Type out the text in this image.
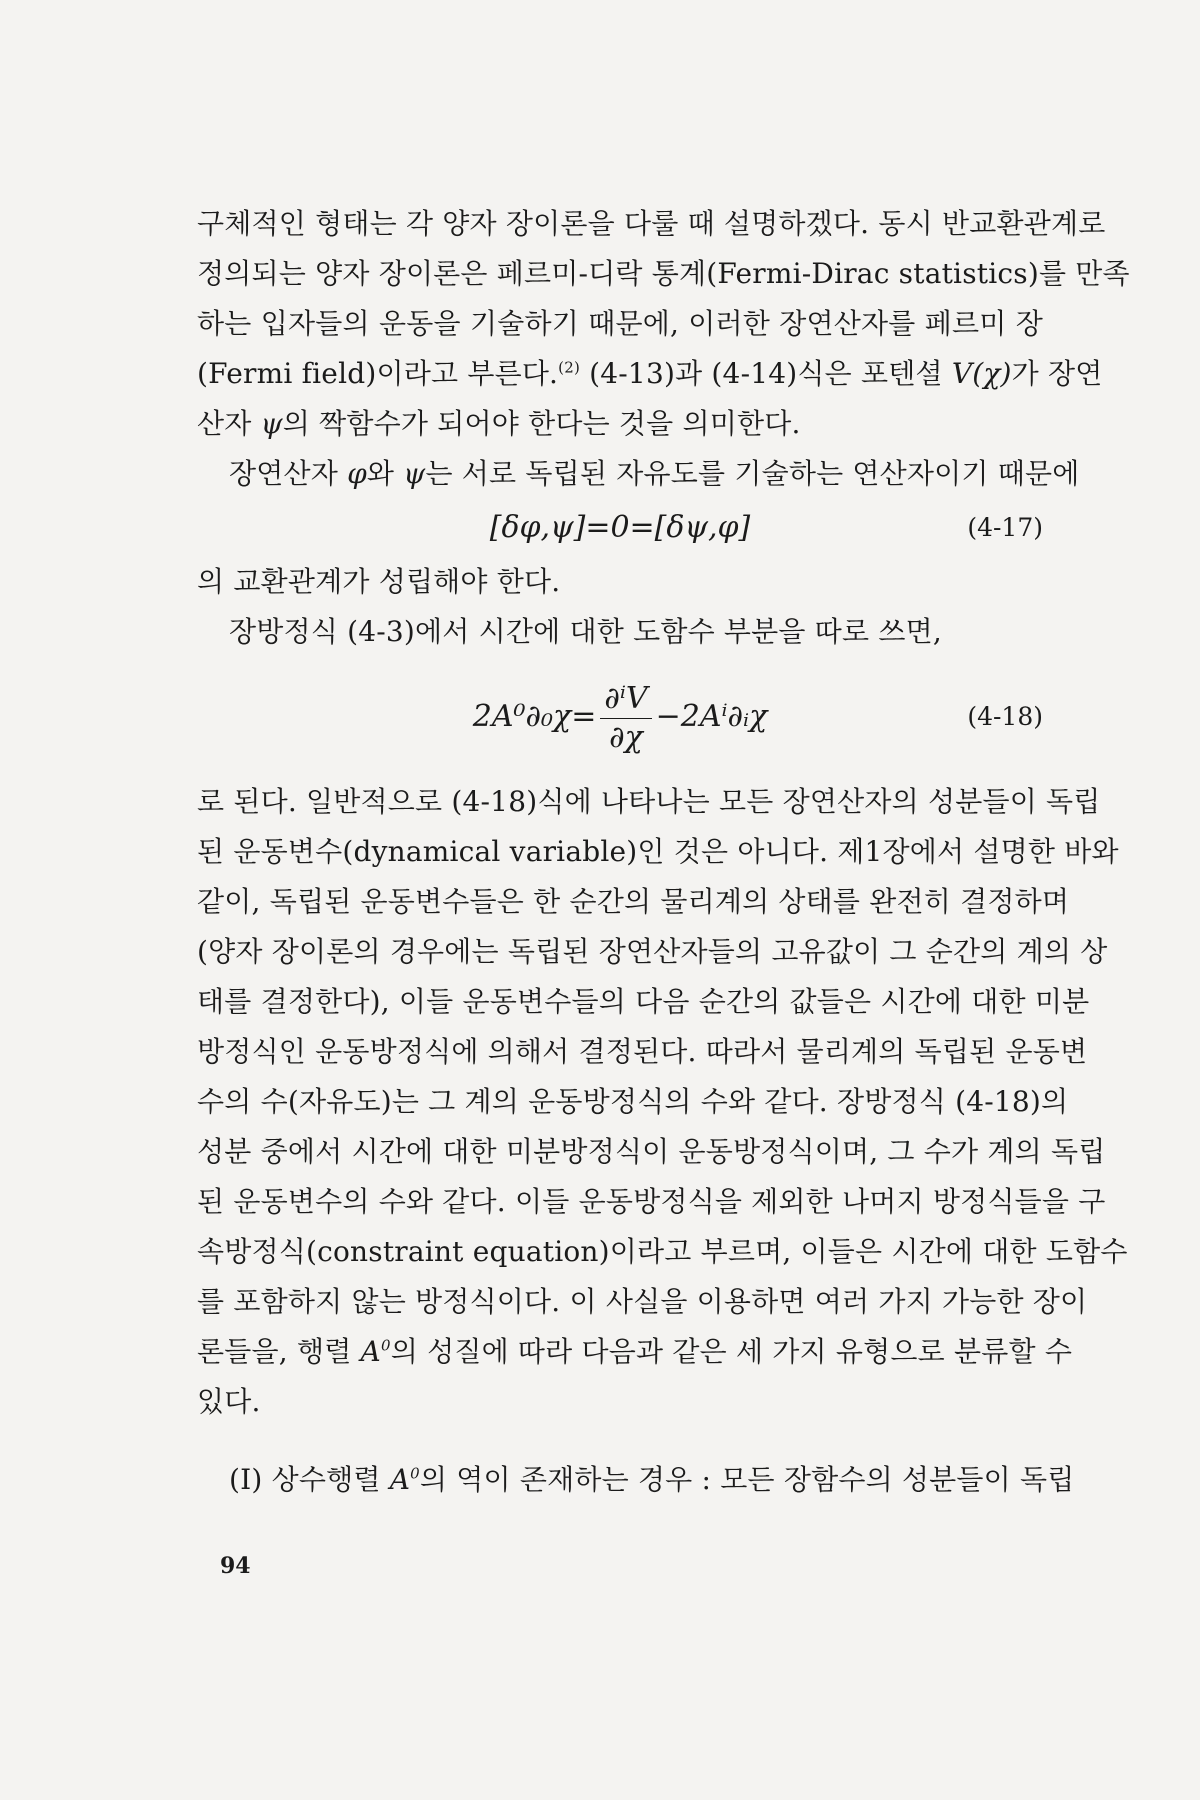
구체적인 형태는 각 양자 장이론을 다룰 때 설명하겠다. 동시 반교환관계로
정의되는 양자 장이론은 페르미-디락 통계(Fermi-Dirac statistics)를 만족
하는 입자들의 운동을 기술하기 때문에, 이러한 장연산자를 페르미 장
(Fermi field)이라고 부른다.$^{(2)}$ (4-13)과 (4-14)식은 포텐셜 V(χ)가 장연
산자 ψ의 짝함수가 되어야 한다는 것을 의미한다.
장연산자 φ와 ψ는 서로 독립된 자유도를 기술하는 연산자이기 때문에
[δφ,ψ]=0=[δψ,φ]	(4-17)
의 교환관계가 성립해야 한다.
장방정식 (4-3)에서 시간에 대한 도함수 부분을 따로 쓰면,
$2A^0\partial_0\chi= \frac{\text{∂ⁱV}}{\partial\chi}$ −2Aⁱ∂ᵢχ	(4-18)
로 된다. 일반적으로 (4-18)식에 나타나는 모든 장연산자의 성분들이 독립
된 운동변수(dynamical variable)인 것은 아니다. 제1장에서 설명한 바와
같이, 독립된 운동변수들은 한 순간의 물리계의 상태를 완전히 결정하며
(양자 장이론의 경우에는 독립된 장연산자들의 고유값이 그 순간의 계의 상
태를 결정한다), 이들 운동변수들의 다음 순간의 값들은 시간에 대한 미분
방정식인 운동방정식에 의해서 결정된다. 따라서 물리계의 독립된 운동변
수의 수(자유도)는 그 계의 운동방정식의 수와 같다. 장방정식 (4-18)의
성분 중에서 시간에 대한 미분방정식이 운동방정식이며, 그 수가 계의 독립
된 운동변수의 수와 같다. 이들 운동방정식을 제외한 나머지 방정식들을 구
속방정식(constraint equation)이라고 부르며, 이들은 시간에 대한 도함수
를 포함하지 않는 방정식이다. 이 사실을 이용하면 여러 가지 가능한 장이
론들을, 행렬 $A^0$의 성질에 따라 다음과 같은 세 가지 유형으로 분류할 수
있다.
(Ⅰ) 상수행렬 $A^0$의 역이 존재하는 경우 : 모든 장함수의 성분들이 독립
94
